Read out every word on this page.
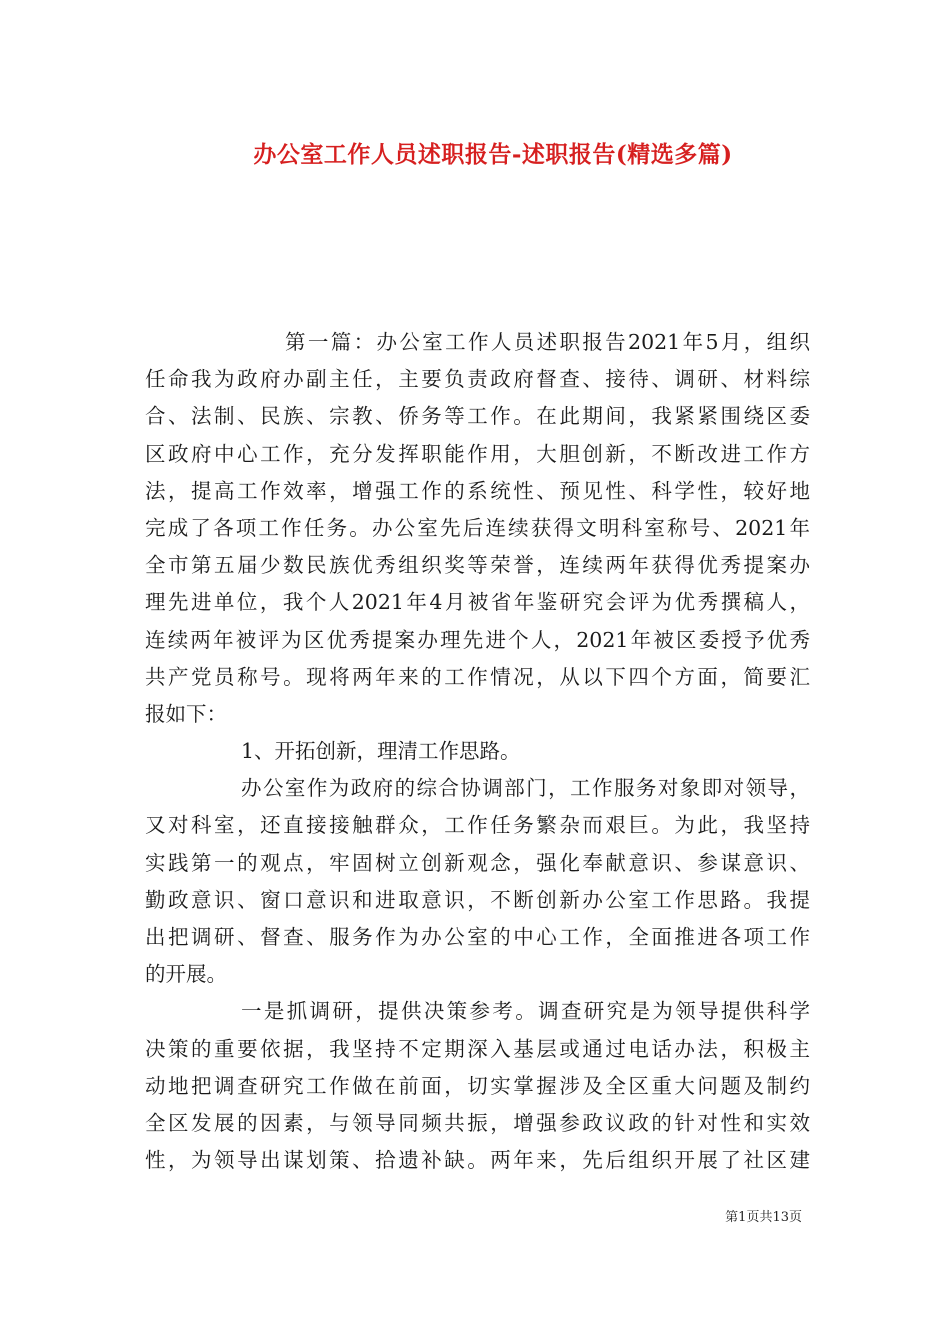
办公室工作人员述职报告-述职报告(精选多篇)
第一篇：办公室工作人员述职报告2021年5月，组织
任命我为政府办副主任，主要负责政府督查、接待、调研、材料综
合、法制、民族、宗教、侨务等工作。在此期间，我紧紧围绕区委
区政府中心工作，充分发挥职能作用，大胆创新，不断改进工作方
法，提高工作效率，增强工作的系统性、预见性、科学性，较好地
完成了各项工作任务。办公室先后连续获得文明科室称号、2021年
全市第五届少数民族优秀组织奖等荣誉，连续两年获得优秀提案办
理先进单位，我个人2021年4月被省年鉴研究会评为优秀撰稿人，
连续两年被评为区优秀提案办理先进个人，2021年被区委授予优秀
共产党员称号。现将两年来的工作情况，从以下四个方面，简要汇
报如下：
1、开拓创新，理清工作思路。
办公室作为政府的综合协调部门，工作服务对象即对领导，
又对科室，还直接接触群众，工作任务繁杂而艰巨。为此，我坚持
实践第一的观点，牢固树立创新观念，强化奉献意识、参谋意识、
勤政意识、窗口意识和进取意识，不断创新办公室工作思路。我提
出把调研、督查、服务作为办公室的中心工作，全面推进各项工作
的开展。
一是抓调研，提供决策参考。调查研究是为领导提供科学
决策的重要依据，我坚持不定期深入基层或通过电话办法，积极主
动地把调查研究工作做在前面，切实掌握涉及全区重大问题及制约
全区发展的因素，与领导同频共振，增强参政议政的针对性和实效
性，为领导出谋划策、拾遗补缺。两年来，先后组织开展了社区建
第1页共13页
